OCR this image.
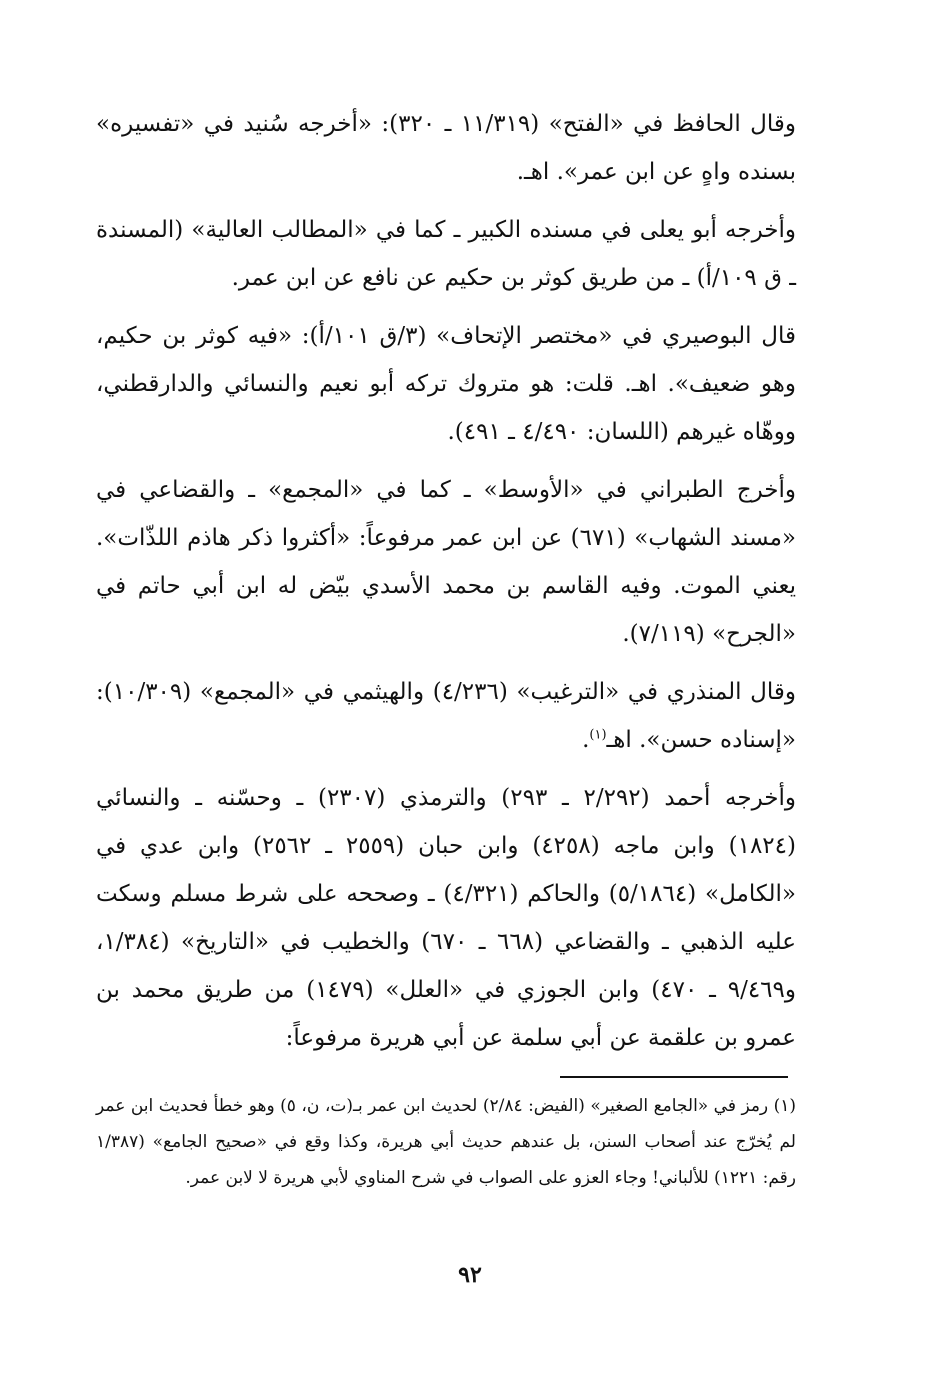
وقال الحافظ في «الفتح» (١١/٣١٩ ـ ٣٢٠): «أخرجه سُنيد في «تفسيره» بسنده واهٍ عن ابن عمر». اهـ.

وأخرجه أبو يعلى في مسنده الكبير ـ كما في «المطالب العالية» (المسندة ـ ق ١٠٩/أ) ـ من طريق كوثر بن حكيم عن نافع عن ابن عمر.

قال البوصيري في «مختصر الإتحاف» (٣/ق ١٠١/أ): «فيه كوثر بن حكيم، وهو ضعيف». اهـ. قلت: هو متروك تركه أبو نعيم والنسائي والدارقطني، ووهّاه غيرهم (اللسان: ٤/٤٩٠ ـ ٤٩١).

وأخرج الطبراني في «الأوسط» ـ كما في «المجمع» ـ والقضاعي في «مسند الشهاب» (٦٧١) عن ابن عمر مرفوعاً: «أكثروا ذكر هاذم اللذّات». يعني الموت. وفيه القاسم بن محمد الأسدي بيّض له ابن أبي حاتم في «الجرح» (٧/١١٩).

وقال المنذري في «الترغيب» (٤/٢٣٦) والهيثمي في «المجمع» (١٠/٣٠٩): «إسناده حسن». اهـ$^{(١)}$.

وأخرجه أحمد (٢/٢٩٢ ـ ٢٩٣) والترمذي (٢٣٠٧) ـ وحسّنه ـ والنسائي (١٨٢٤) وابن ماجه (٤٢٥٨) وابن حبان (٢٥٥٩ ـ ٢٥٦٢) وابن عدي في «الكامل» (٥/١٨٦٤) والحاكم (٤/٣٢١) ـ وصححه على شرط مسلم وسكت عليه الذهبي ـ والقضاعي (٦٦٨ ـ ٦٧٠) والخطيب في «التاريخ» (١/٣٨٤، و٩/٤٦٩ ـ ٤٧٠) وابن الجوزي في «العلل» (١٤٧٩) من طريق محمد بن عمرو بن علقمة عن أبي سلمة عن أبي هريرة مرفوعاً:

(١) رمز في «الجامع الصغير» (الفيض: ٢/٨٤) لحديث ابن عمر بـ(ت، ن، ٥) وهو خطأ فحديث ابن عمر لم يُخرّج عند أصحاب السنن، بل عندهم حديث أبي هريرة، وكذا وقع في «صحيح الجامع» (١/٣٨٧ رقم: ١٢٢١) للألباني! وجاء العزو على الصواب في شرح المناوي لأبي هريرة لا لابن عمر.
٩٢
